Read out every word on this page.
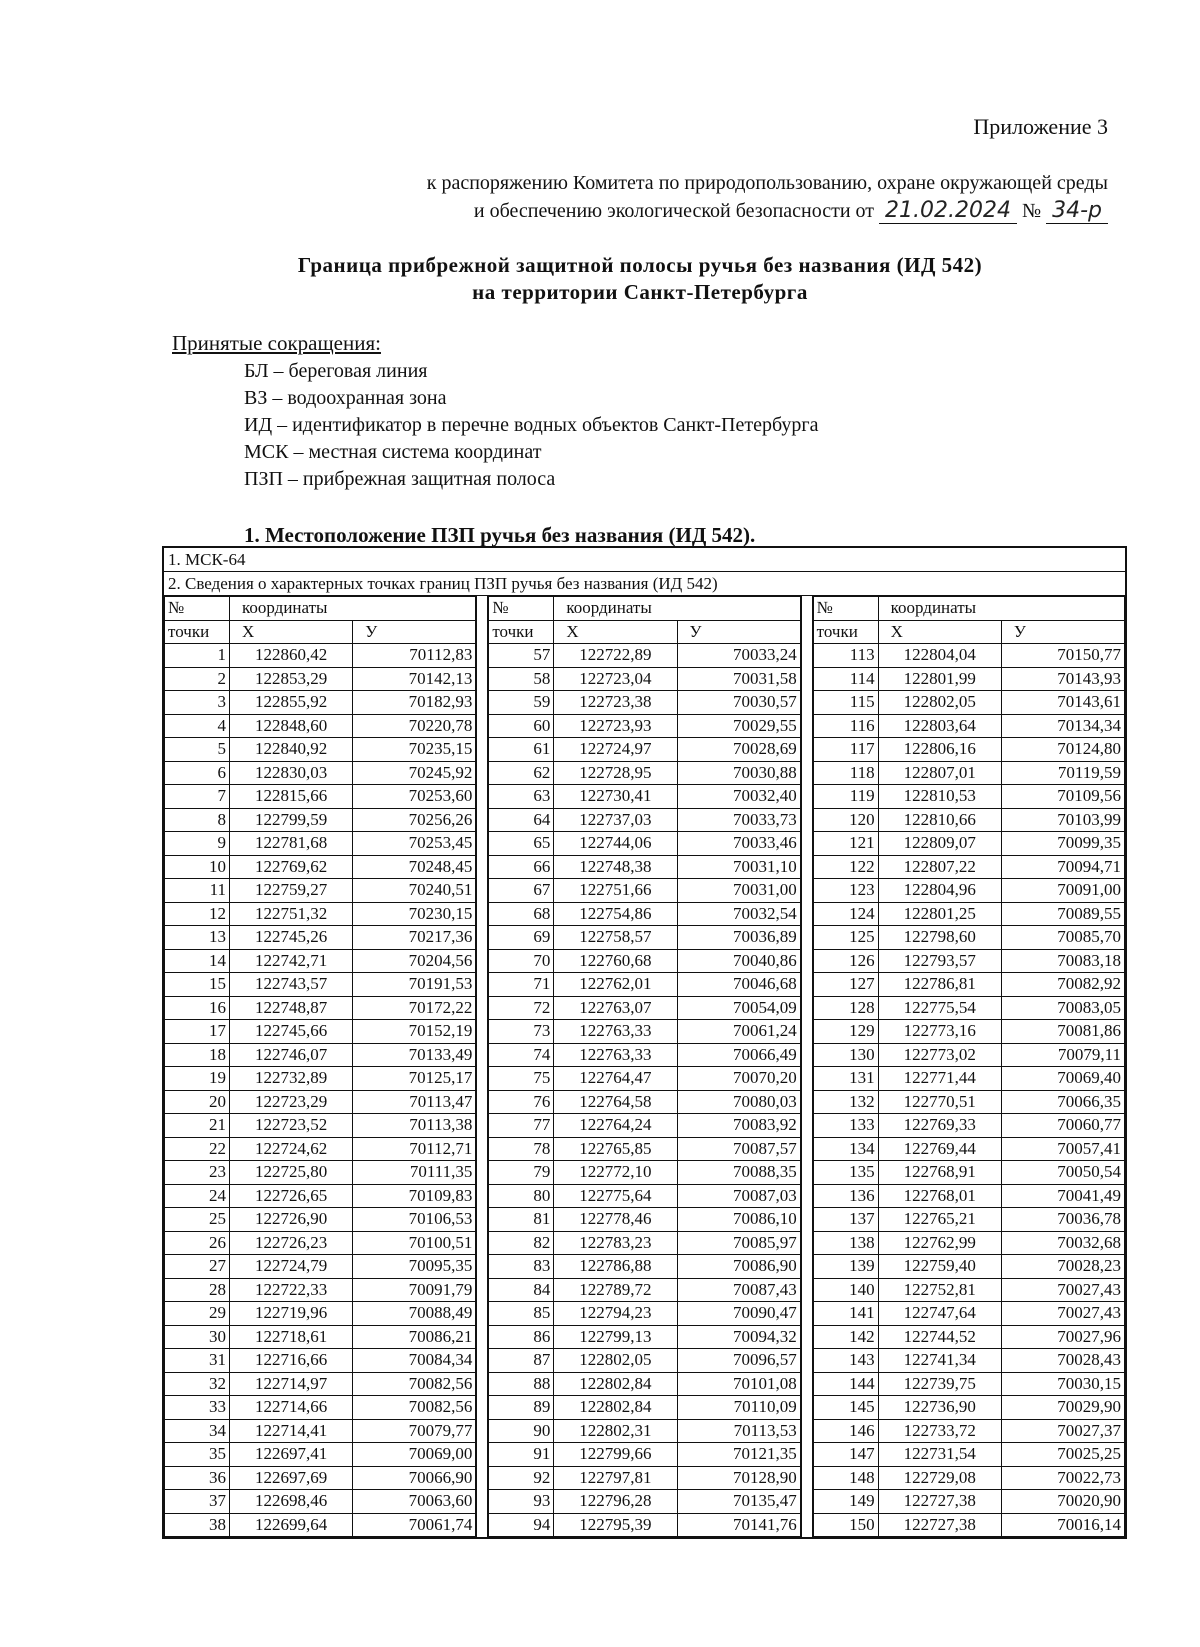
Приложение 3
к распоряжению Комитета по природопользованию, охране окружающей среды
и обеспечению экологической безопасности от 21.02.2024 № 34-р
Граница прибрежной защитной полосы ручья без названия (ИД 542)
на территории Санкт-Петербурга
Принятые сокращения:
БЛ – береговая линия
ВЗ – водоохранная зона
ИД – идентификатор в перечне водных объектов Санкт-Петербурга
МСК – местная система координат
ПЗП – прибрежная защитная полоса
1. Местоположение ПЗП ручья без названия (ИД 542).
1. МСК-64
2. Сведения о характерных точках границ ПЗП ручья без названия (ИД 542)
№	координаты	
точки	X	У
1	122860,42	70112,83
2	122853,29	70142,13
3	122855,92	70182,93
4	122848,60	70220,78
5	122840,92	70235,15
6	122830,03	70245,92
7	122815,66	70253,60
8	122799,59	70256,26
9	122781,68	70253,45
10	122769,62	70248,45
11	122759,27	70240,51
12	122751,32	70230,15
13	122745,26	70217,36
14	122742,71	70204,56
15	122743,57	70191,53
16	122748,87	70172,22
17	122745,66	70152,19
18	122746,07	70133,49
19	122732,89	70125,17
20	122723,29	70113,47
21	122723,52	70113,38
22	122724,62	70112,71
23	122725,80	70111,35
24	122726,65	70109,83
25	122726,90	70106,53
26	122726,23	70100,51
27	122724,79	70095,35
28	122722,33	70091,79
29	122719,96	70088,49
30	122718,61	70086,21
31	122716,66	70084,34
32	122714,97	70082,56
33	122714,66	70082,56
34	122714,41	70079,77
35	122697,41	70069,00
36	122697,69	70066,90
37	122698,46	70063,60
38	122699,64	70061,74
№	координаты	
точки	X	У
57	122722,89	70033,24
58	122723,04	70031,58
59	122723,38	70030,57
60	122723,93	70029,55
61	122724,97	70028,69
62	122728,95	70030,88
63	122730,41	70032,40
64	122737,03	70033,73
65	122744,06	70033,46
66	122748,38	70031,10
67	122751,66	70031,00
68	122754,86	70032,54
69	122758,57	70036,89
70	122760,68	70040,86
71	122762,01	70046,68
72	122763,07	70054,09
73	122763,33	70061,24
74	122763,33	70066,49
75	122764,47	70070,20
76	122764,58	70080,03
77	122764,24	70083,92
78	122765,85	70087,57
79	122772,10	70088,35
80	122775,64	70087,03
81	122778,46	70086,10
82	122783,23	70085,97
83	122786,88	70086,90
84	122789,72	70087,43
85	122794,23	70090,47
86	122799,13	70094,32
87	122802,05	70096,57
88	122802,84	70101,08
89	122802,84	70110,09
90	122802,31	70113,53
91	122799,66	70121,35
92	122797,81	70128,90
93	122796,28	70135,47
94	122795,39	70141,76
№	координаты	
точки	X	У
113	122804,04	70150,77
114	122801,99	70143,93
115	122802,05	70143,61
116	122803,64	70134,34
117	122806,16	70124,80
118	122807,01	70119,59
119	122810,53	70109,56
120	122810,66	70103,99
121	122809,07	70099,35
122	122807,22	70094,71
123	122804,96	70091,00
124	122801,25	70089,55
125	122798,60	70085,70
126	122793,57	70083,18
127	122786,81	70082,92
128	122775,54	70083,05
129	122773,16	70081,86
130	122773,02	70079,11
131	122771,44	70069,40
132	122770,51	70066,35
133	122769,33	70060,77
134	122769,44	70057,41
135	122768,91	70050,54
136	122768,01	70041,49
137	122765,21	70036,78
138	122762,99	70032,68
139	122759,40	70028,23
140	122752,81	70027,43
141	122747,64	70027,43
142	122744,52	70027,96
143	122741,34	70028,43
144	122739,75	70030,15
145	122736,90	70029,90
146	122733,72	70027,37
147	122731,54	70025,25
148	122729,08	70022,73
149	122727,38	70020,90
150	122727,38	70016,14
